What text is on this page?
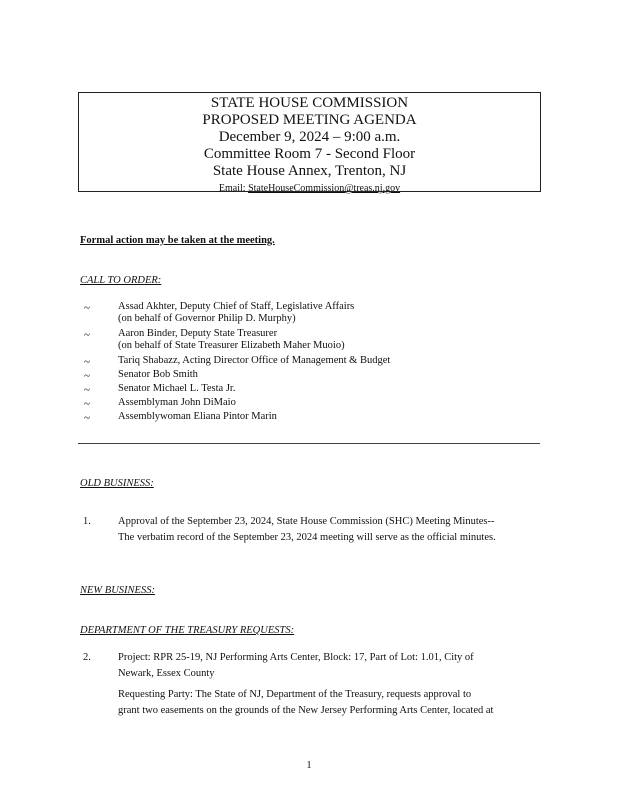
STATE HOUSE COMMISSION
PROPOSED MEETING AGENDA
December 9, 2024 – 9:00 a.m.
Committee Room 7 - Second Floor
State House Annex, Trenton, NJ
Email: StateHouseCommission@treas.nj.gov
Formal action may be taken at the meeting.
CALL TO ORDER:
~	Assad Akhter, Deputy Chief of Staff, Legislative Affairs
(on behalf of Governor Philip D. Murphy)
~	Aaron Binder, Deputy State Treasurer
(on behalf of State Treasurer Elizabeth Maher Muoio)
~	Tariq Shabazz, Acting Director Office of Management & Budget
~	Senator Bob Smith
~	Senator Michael L. Testa Jr.
~	Assemblyman John DiMaio
~	Assemblywoman Eliana Pintor Marin
OLD BUSINESS:
1.	Approval of the September 23, 2024, State House Commission (SHC) Meeting Minutes--
The verbatim record of the September 23, 2024 meeting will serve as the official minutes.
NEW BUSINESS:
DEPARTMENT OF THE TREASURY REQUESTS:
2.	Project: RPR 25-19, NJ Performing Arts Center, Block: 17, Part of Lot: 1.01, City of
Newark, Essex County
Requesting Party: The State of NJ, Department of the Treasury, requests approval to
grant two easements on the grounds of the New Jersey Performing Arts Center, located at
1
